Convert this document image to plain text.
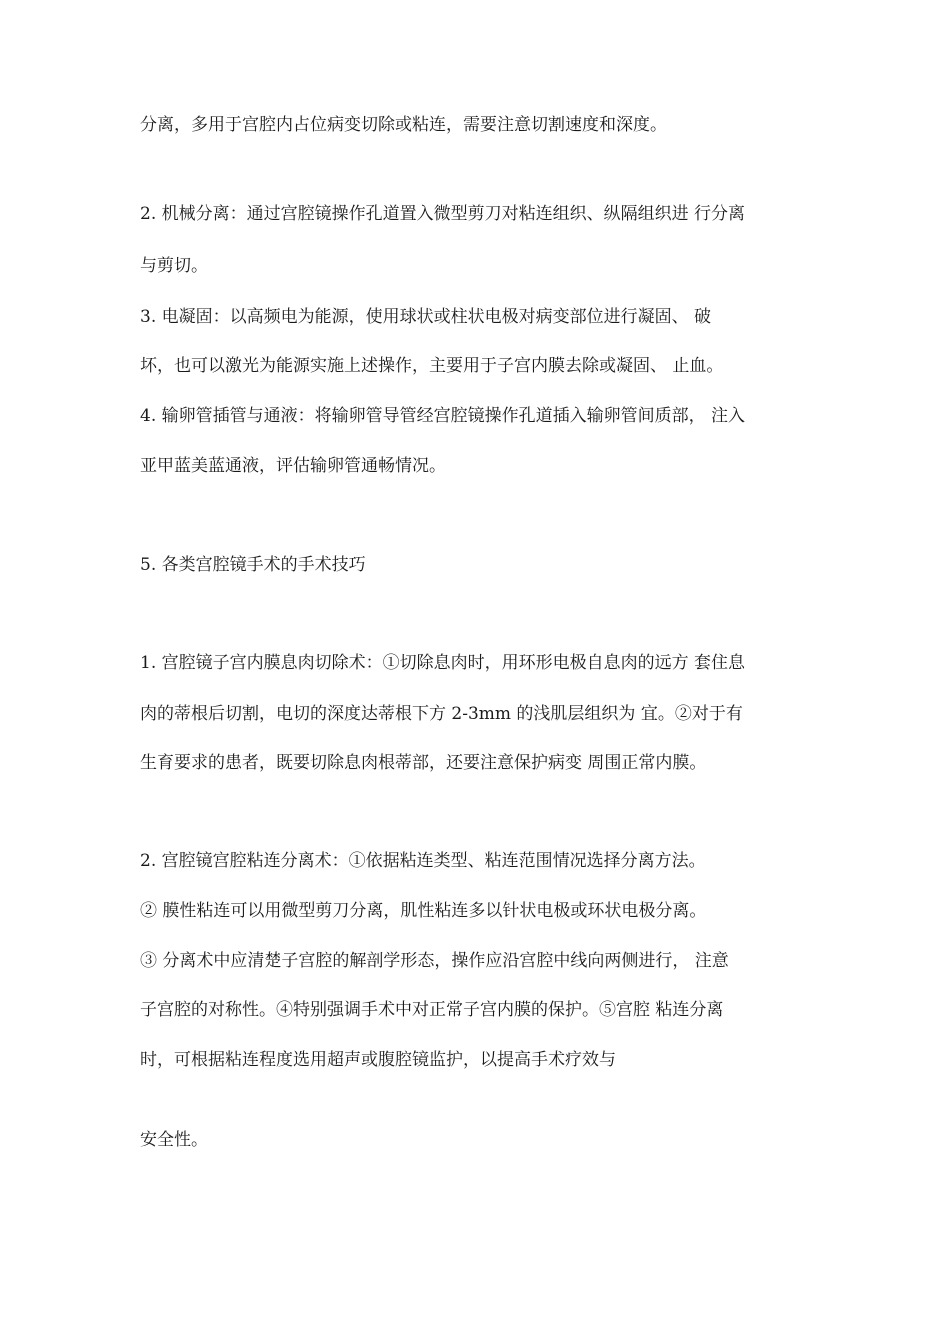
分离，多用于宫腔内占位病变切除或粘连，需要注意切割速度和深度。

2. 机械分离：通过宫腔镜操作孔道置入微型剪刀对粘连组织、纵隔组织进 行分离

与剪切。

3. 电凝固：以高频电为能源，使用球状或柱状电极对病变部位进行凝固、 破

坏，也可以激光为能源实施上述操作，主要用于子宫内膜去除或凝固、 止血。

4. 输卵管插管与通液：将输卵管导管经宫腔镜操作孔道插入输卵管间质部， 注入

亚甲蓝美蓝通液，评估输卵管通畅情况。

5. 各类宫腔镜手术的手术技巧

1. 宫腔镜子宫内膜息肉切除术：①切除息肉时，用环形电极自息肉的远方 套住息

肉的蒂根后切割，电切的深度达蒂根下方 2-3mm 的浅肌层组织为 宜。②对于有

生育要求的患者，既要切除息肉根蒂部，还要注意保护病变 周围正常内膜。

2. 宫腔镜宫腔粘连分离术：①依据粘连类型、粘连范围情况选择分离方法。

② 膜性粘连可以用微型剪刀分离，肌性粘连多以针状电极或环状电极分离。

③ 分离术中应清楚子宫腔的解剖学形态，操作应沿宫腔中线向两侧进行， 注意

子宫腔的对称性。④特别强调手术中对正常子宫内膜的保护。⑤宫腔 粘连分离

时，可根据粘连程度选用超声或腹腔镜监护，以提高手术疗效与

安全性。
